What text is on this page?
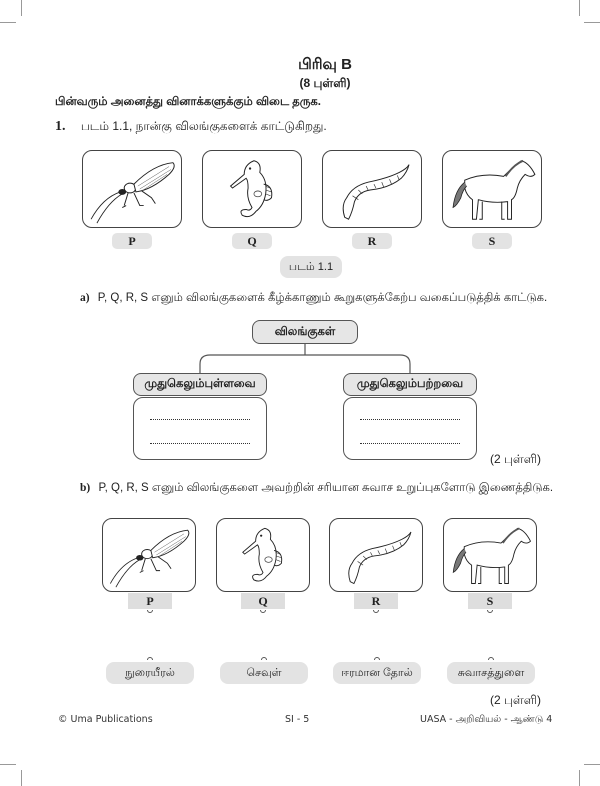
பிரிவு B
(8 புள்ளி)
பின்வரும் அனைத்து வினாக்களுக்கும் விடை தருக.
1. படம் 1.1, நான்கு விலங்குகளைக் காட்டுகிறது.
P	Q	R	S
படம் 1.1
a) P, Q, R, S எனும் விலங்குகளைக் கீழ்க்காணும் கூறுகளுக்கேற்ப வகைப்படுத்திக் காட்டுக.
விலங்குகள்
முதுகெலும்புள்ளவை	முதுகெலும்பற்றவை
(2 புள்ளி)
b) P, Q, R, S எனும் விலங்குகளை அவற்றின் சரியான சுவாச உறுப்புகளோடு இணைத்திடுக.
P	Q	R	S
நுரையீரல்	செவுள்	ஈரமான தோல்	சுவாசத்துளை
(2 புள்ளி)
© Uma Publications	SI - 5	UASA - அறிவியல் - ஆண்டு 4
